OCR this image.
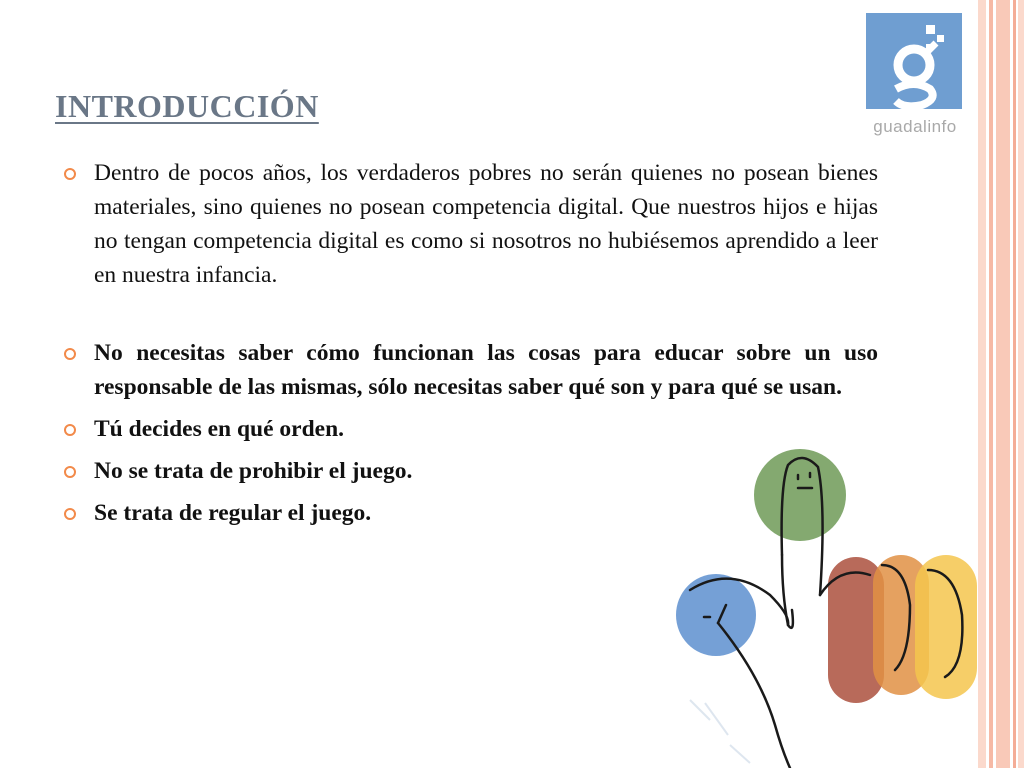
guadalinfo
INTRODUCCIÓN
Dentro de pocos años, los verdaderos pobres no serán quienes no posean bienes materiales, sino quienes no posean competencia digital. Que nuestros hijos e hijas no tengan competencia digital es como si nosotros no hubiésemos aprendido a leer en nuestra infancia.
No necesitas saber cómo funcionan las cosas para educar sobre un uso responsable de las mismas, sólo necesitas saber qué son y para qué se usan.
Tú decides en qué orden.
No se trata de prohibir el juego.
Se trata de regular el juego.
